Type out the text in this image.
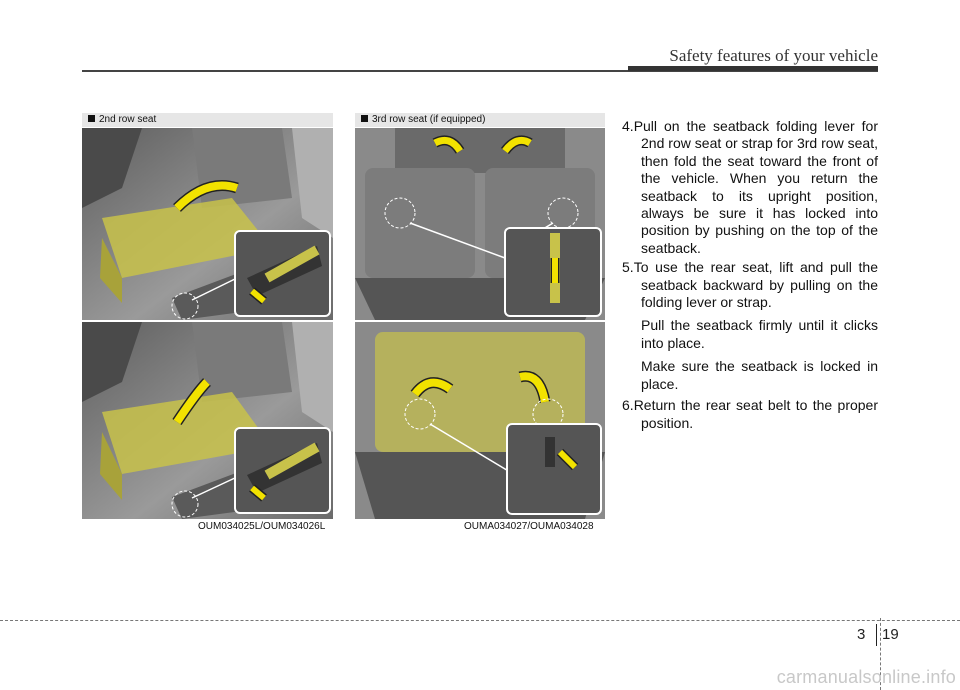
Safety features of your vehicle
2nd row seat
OUM034025L/OUM034026L
3rd row seat (if equipped)
OUMA034027/OUMA034028
4.Pull on the seatback folding lever for 2nd row seat or strap for 3rd row seat, then fold the seat toward the front of the vehicle. When you return the seatback to its upright position, always be sure it has locked into position by pushing on the top of the seatback.
5.To use the rear seat, lift and pull the seatback backward by pulling on the folding lever or strap.
Pull the seatback firmly until it clicks into place.
Make sure the seatback is locked in place.
6.Return the rear seat belt to the proper position.
3 19
carmanualsonline.info
